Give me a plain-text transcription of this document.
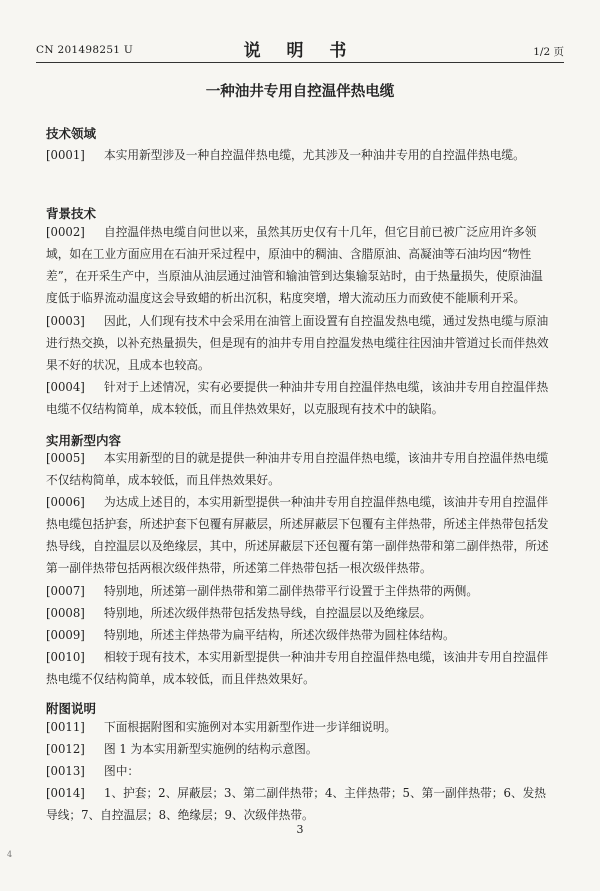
CN 201498251 U	说 明 书	1/2 页
一种油井专用自控温伴热电缆
技术领域
[0001] 本实用新型涉及一种自控温伴热电缆，尤其涉及一种油井专用的自控温伴热电缆。
背景技术
[0002] 自控温伴热电缆自问世以来，虽然其历史仅有十几年，但它目前已被广泛应用许多领域，如在工业方面应用在石油开采过程中，原油中的稠油、含腊原油、高凝油等石油均因“物性差”，在开采生产中，当原油从油层通过油管和输油管到达集输泵站时，由于热量损失，使原油温度低于临界流动温度这会导致蜡的析出沉积，粘度突增，增大流动压力而致使不能顺利开采。
[0003] 因此，人们现有技术中会采用在油管上面设置有自控温发热电缆，通过发热电缆与原油进行热交换，以补充热量损失，但是现有的油井专用自控温发热电缆往往因油井管道过长而伴热效果不好的状况，且成本也较高。
[0004] 针对于上述情况，实有必要提供一种油井专用自控温伴热电缆，该油井专用自控温伴热电缆不仅结构简单，成本较低，而且伴热效果好，以克服现有技术中的缺陷。
实用新型内容
[0005] 本实用新型的目的就是提供一种油井专用自控温伴热电缆，该油井专用自控温伴热电缆不仅结构简单，成本较低，而且伴热效果好。
[0006] 为达成上述目的，本实用新型提供一种油井专用自控温伴热电缆，该油井专用自控温伴热电缆包括护套，所述护套下包覆有屏蔽层，所述屏蔽层下包覆有主伴热带，所述主伴热带包括发热导线，自控温层以及绝缘层，其中，所述屏蔽层下还包覆有第一副伴热带和第二副伴热带，所述第一副伴热带包括两根次级伴热带，所述第二伴热带包括一根次级伴热带。
[0007] 特别地，所述第一副伴热带和第二副伴热带平行设置于主伴热带的两侧。
[0008] 特别地，所述次级伴热带包括发热导线，自控温层以及绝缘层。
[0009] 特别地，所述主伴热带为扁平结构，所述次级伴热带为圆柱体结构。
[0010] 相较于现有技术，本实用新型提供一种油井专用自控温伴热电缆，该油井专用自控温伴热电缆不仅结构简单，成本较低，而且伴热效果好。
附图说明
[0011] 下面根据附图和实施例对本实用新型作进一步详细说明。
[0012] 图 1 为本实用新型实施例的结构示意图。
[0013] 图中：
[0014] 1、护套；2、屏蔽层；3、第二副伴热带；4、主伴热带；5、第一副伴热带；6、发热导线；7、自控温层；8、绝缘层；9、次级伴热带。
3
4
